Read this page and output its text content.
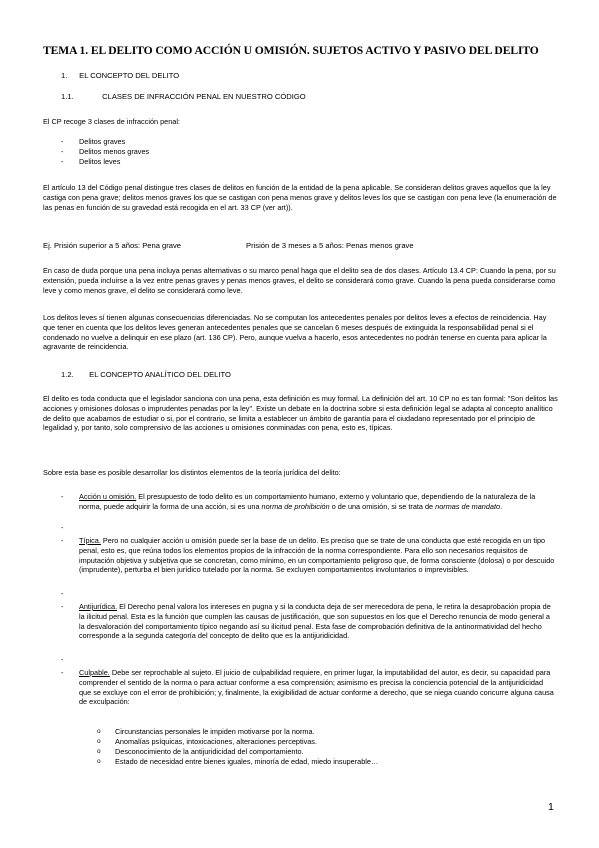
TEMA 1. EL DELITO COMO ACCIÓN U OMISIÓN. SUJETOS ACTIVO Y PASIVO DEL DELITO
1. EL CONCEPTO DEL DELITO
1.1.	CLASES DE INFRACCIÓN PENAL EN NUESTRO CÓDIGO
El CP recoge 3 clases de infracción penal:
- Delitos graves
- Delitos menos graves
- Delitos leves
El artículo 13 del Código penal distingue tres clases de delitos en función de la entidad de la pena aplicable. Se consideran delitos graves aquellos que la ley castiga con pena grave; delitos menos graves los que se castigan con pena menos grave y delitos leves los que se castigan con pena leve (la enumeración de las penas en función de su gravedad está recogida en el art. 33 CP (ver art)).
Ej. Prisión superior a 5 años: Pena grave	Prisión de 3 meses a 5 años: Penas menos grave
En caso de duda porque una pena incluya penas alternativas o su marco penal haga que el delito sea de dos clases. Artículo 13.4 CP: Cuando la pena, por su extensión, pueda incluirse a la vez entre penas graves y penas menos graves, el delito se considerará como grave. Cuando la pena pueda considerarse como leve y como menos grave, el delito se considerará como leve.
Los delitos leves sí tienen algunas consecuencias diferenciadas. No se computan los antecedentes penales por delitos leves a efectos de reincidencia. Hay que tener en cuenta que los delitos leves generan antecedentes penales que se cancelan 6 meses después de extinguida la responsabilidad penal si el condenado no vuelve a delinquir en ese plazo (art. 136 CP). Pero, aunque vuelva a hacerlo, esos antecedentes no podrán tenerse en cuenta para aplicar la agravante de reincidencia.
1.2. EL CONCEPTO ANALÍTICO DEL DELITO
El delito es toda conducta que el legislador sanciona con una pena, esta definición es muy formal. La definición del art. 10 CP no es tan formal: "Son delitos las acciones y omisiones dolosas o imprudentes penadas por la ley". Existe un debate en la doctrina sobre si esta definición legal se adapta al concepto analítico de delito que acabamos de estudiar o si, por el contrario, se limita a establecer un ámbito de garantía para el ciudadano representado por el principio de legalidad y, por tanto, solo comprensivo de las acciones u omisiones conminadas con pena, esto es, típicas.
Sobre esta base es posible desarrollar los distintos elementos de la teoría jurídica del delito:
- Acción u omisión. El presupuesto de todo delito es un comportamiento humano, externo y voluntario que, dependiendo de la naturaleza de la norma, puede adquirir la forma de una acción, si es una norma de prohibición o de una omisión, si se trata de normas de mandato.
-
- Típica. Pero no cualquier acción u omisión puede ser la base de un delito. Es preciso que se trate de una conducta que esté recogida en un tipo penal, esto es, que reúna todos los elementos propios de la infracción de la norma correspondiente. Para ello son necesarios requisitos de imputación objetiva y subjetiva que se concretan, como mínimo, en un comportamiento peligroso que, de forma consciente (dolosa) o por descuido (imprudente), perturba el bien jurídico tutelado por la norma. Se excluyen comportamientos involuntarios o imprevisibles.
-
- Antijurídica. El Derecho penal valora los intereses en pugna y si la conducta deja de ser merecedora de pena, le retira la desaprobación propia de la ilicitud penal. Esta es la función que cumplen las causas de justificación, que son supuestos en los que el Derecho renuncia de modo general a la desvaloración del comportamiento típico negando así su ilicitud penal. Esta fase de comprobación definitiva de la antinormatividad del hecho corresponde a la segunda categoría del concepto de delito que es la antijuridicidad.
-
- Culpable. Debe ser reprochable al sujeto. El juicio de culpabilidad requiere, en primer lugar, la imputabilidad del autor, es decir, su capacidad para comprender el sentido de la norma o para actuar conforme a esa comprensión; asimismo es precisa la conciencia potencial de la antijuridicidad que se excluye con el error de prohibición; y, finalmente, la exigibilidad de actuar conforme a derecho, que se niega cuando concurre alguna causa de exculpación:
o Circunstancias personales le impiden motivarse por la norma.
o Anomalías psíquicas, intoxicaciones, alteraciones perceptivas.
o Desconocimiento de la antijuridicidad del comportamiento.
o Estado de necesidad entre bienes iguales, minoría de edad, miedo insuperable…
1
